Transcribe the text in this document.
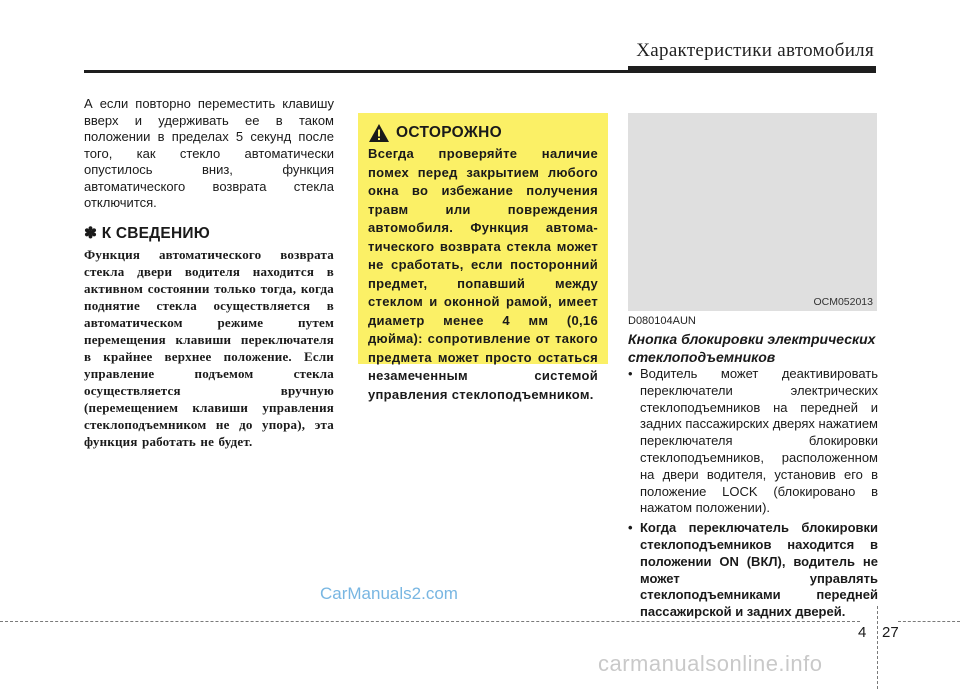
Характеристики автомобиля
А если повторно переместить клавишу вверх и удерживать ее в таком положении в пределах 5 секунд после того, как стекло автоматически опустилось вниз, функция автоматического возврата стекла отключится.
✽ К СВЕДЕНИЮ
Функция автоматического возврата стекла двери водителя находится в активном состоянии только тогда, когда поднятие стекла осуществляется в автоматическом режиме путем перемещения клавиши переключателя в крайнее верхнее положение. Если управление подъемом стекла осуществляется вручную (перемещением клавиши управления стеклоподъемником не до упора), эта функция работать не будет.
ОСТОРОЖНО
Всегда проверяйте наличие помех перед закрытием любого окна во избежание получения травм или повреждения автомобиля. Функция автома-тического возврата стекла может не сработать, если посторонний предмет, попавший между стеклом и оконной рамой, имеет диаметр менее 4 мм (0,16 дюйма): сопротивление от такого предмета может просто остаться незамеченным системой управления стеклоподъемником.
OCM052013
D080104AUN
Кнопка блокировки электрических стеклоподъемников
• Водитель может деактивировать переключатели электрических стеклоподъемников на передней и задних пассажирских дверях нажатием переключателя блокировки стеклоподъемников, расположенном на двери водителя, установив его в положение LOCK (блокировано в нажатом положении).
• Когда переключатель блокировки стеклоподъемников находится в положении ON (ВКЛ), водитель не может управлять стеклоподъемниками передней пассажирской и задних дверей.
CarManuals2.com
4 27
carmanualsonline.info
